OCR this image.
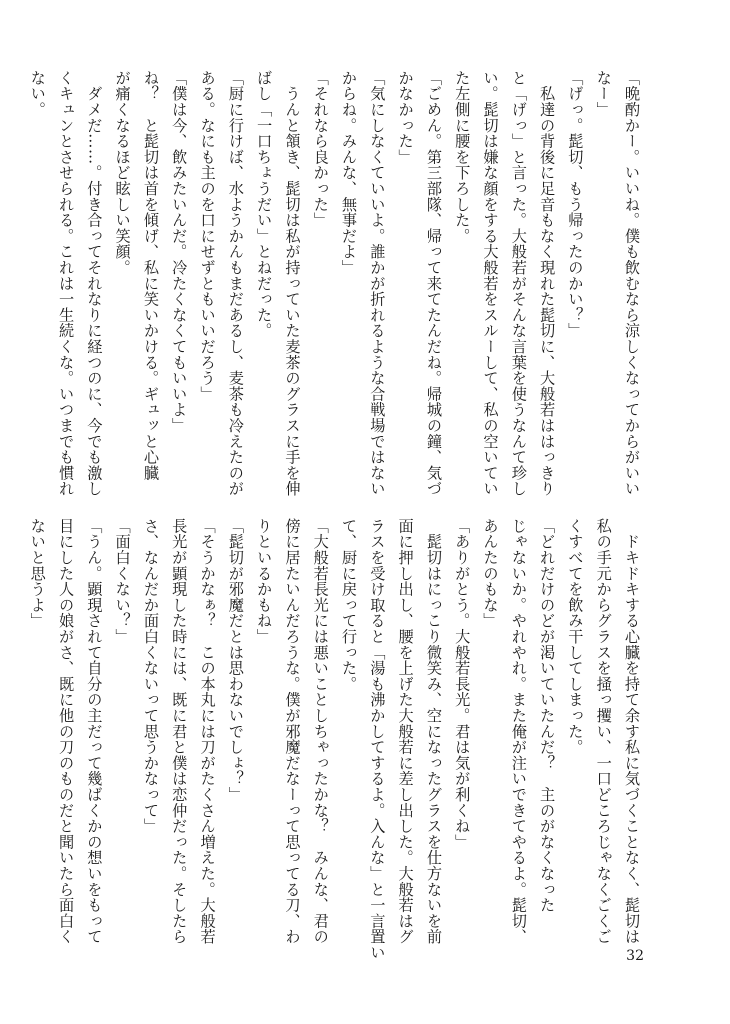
「晩酌かー。いいね。僕も飲むなら涼しくなってからがいい
なー」
「げっ。髭切、もう帰ったのかい？」
　私達の背後に足音もなく現れた髭切に、大般若ははっきり
と「げっ」と言った。大般若がそんな言葉を使うなんて珍し
い。髭切は嫌な顔をする大般若をスルーして、私の空いてい
た左側に腰を下ろした。
「ごめん。第三部隊、帰って来てたんだね。帰城の鐘、気づ
かなかった」
「気にしなくていいよ。誰かが折れるような合戦場ではない
からね。みんな、無事だよ」
「それなら良かった」
　うんと頷き、髭切は私が持っていた麦茶のグラスに手を伸
ばし「一口ちょうだい」とねだった。
「厨に行けば、水ようかんもまだあるし、麦茶も冷えたのが
ある。なにも主のを口にせずともいいだろう」
「僕は今、飲みたいんだ。冷たくなくてもいいよ」
ね？　と髭切は首を傾げ、私に笑いかける。ギュッと心臓
が痛くなるほど眩しい笑顔。
　ダメだ……。付き合ってそれなりに経つのに、今でも激し
くキュンとさせられる。これは一生続くな。いつまでも慣れ
ない。
　ドキドキする心臓を持て余す私に気づくことなく、髭切は
私の手元からグラスを掻っ攫い、一口どころじゃなくごくご
くすべてを飲み干してしまった。
「どれだけのどが渇いていたんだ？　主のがなくなった
じゃないか。やれやれ。また俺が注いできてやるよ。髭切、
あんたのもな」
「ありがとう。大般若長光。君は気が利くね」
　髭切はにっこり微笑み、空になったグラスを仕方ないを前
面に押し出し、腰を上げた大般若に差し出した。大般若はグ
ラスを受け取ると「湯も沸かしてするよ。入んな」と一言置い
て、厨に戻って行った。
「大般若長光には悪いことしちゃったかな？　みんな、君の
傍に居たいんだろうな。僕が邪魔だなーって思ってる刀、わ
りといるかもね」
「髭切が邪魔だとは思わないでしょ？」
「そうかなぁ？　この本丸には刀がたくさん増えた。大般若
長光が顕現した時には、既に君と僕は恋仲だった。そしたら
さ、なんだか面白くないって思うかなって」
「面白くない？」
「うん。顕現されて自分の主だって幾ばくかの想いをもって
目にした人の娘がさ、既に他の刀のものだと聞いたら面白く
ないと思うよ」
32
